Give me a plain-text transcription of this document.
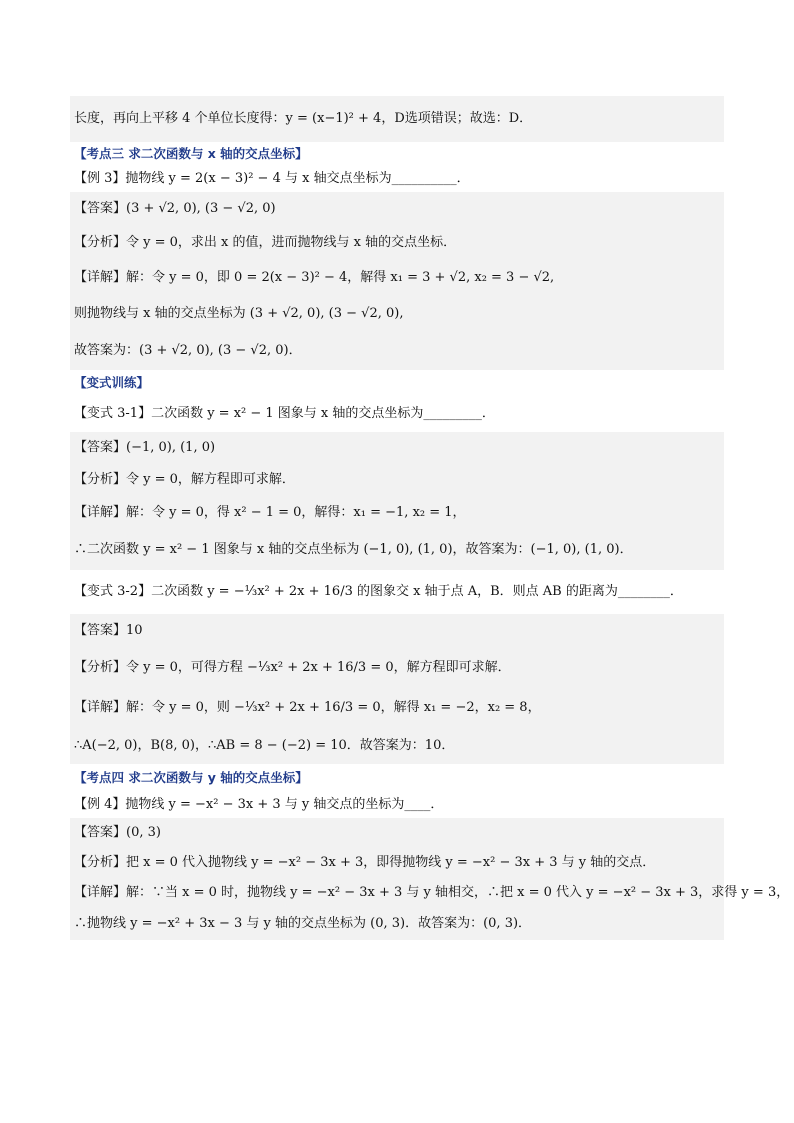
长度，再向上平移 4 个单位长度得：y = (x−1)² + 4，D选项错误；故选：D．
【考点三 求二次函数与 x 轴的交点坐标】
【例 3】抛物线 y = 2(x − 3)² − 4 与 x 轴交点坐标为__________．
【答案】(3 + √2, 0), (3 − √2, 0)
【分析】令 y = 0，求出 x 的值，进而抛物线与 x 轴的交点坐标．
【详解】解：令 y = 0，即 0 = 2(x − 3)² − 4，解得 x₁ = 3 + √2, x₂ = 3 − √2,
则抛物线与 x 轴的交点坐标为 (3 + √2, 0), (3 − √2, 0),
故答案为：(3 + √2, 0), (3 − √2, 0)．
【变式训练】
【变式 3-1】二次函数 y = x² − 1 图象与 x 轴的交点坐标为_________．
【答案】(−1, 0), (1, 0)
【分析】令 y = 0，解方程即可求解．
【详解】解：令 y = 0，得 x² − 1 = 0，解得：x₁ = −1, x₂ = 1，
∴二次函数 y = x² − 1 图象与 x 轴的交点坐标为 (−1, 0), (1, 0)，故答案为：(−1, 0), (1, 0)．
【变式 3-2】二次函数 y = −⅓x² + 2x + 16/3 的图象交 x 轴于点 A，B．则点 AB 的距离为________．
【答案】10
【分析】令 y = 0，可得方程 −⅓x² + 2x + 16/3 = 0，解方程即可求解．
【详解】解：令 y = 0，则 −⅓x² + 2x + 16/3 = 0，解得 x₁ = −2，x₂ = 8，
∴A(−2, 0)，B(8, 0)，∴AB = 8 − (−2) = 10．故答案为：10．
【考点四 求二次函数与 y 轴的交点坐标】
【例 4】抛物线 y = −x² − 3x + 3 与 y 轴交点的坐标为____．
【答案】(0, 3)
【分析】把 x = 0 代入抛物线 y = −x² − 3x + 3，即得抛物线 y = −x² − 3x + 3 与 y 轴的交点．
【详解】解：∵当 x = 0 时，抛物线 y = −x² − 3x + 3 与 y 轴相交，∴把 x = 0 代入 y = −x² − 3x + 3，求得 y = 3，
∴抛物线 y = −x² + 3x − 3 与 y 轴的交点坐标为 (0, 3)．故答案为：(0, 3)．
